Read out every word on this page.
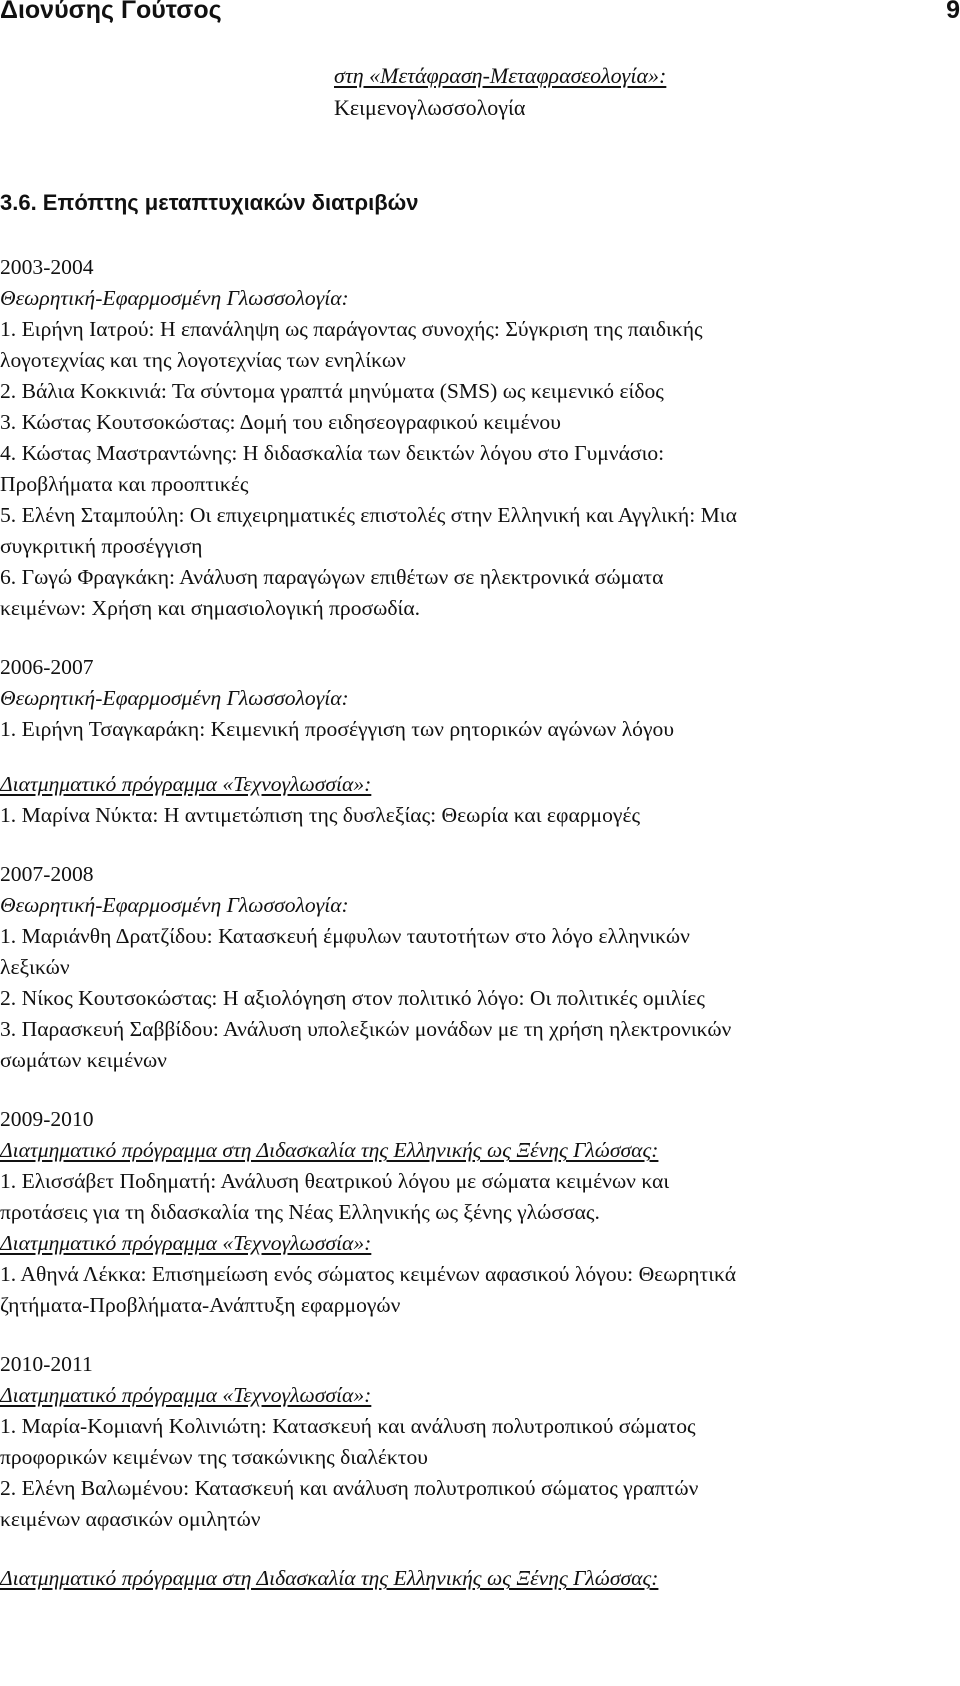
Διονύσης Γούτσος	9
στη «Μετάφραση-Μεταφρασεολογία»:
Κειμενογλωσσολογία
3.6. Επόπτης μεταπτυχιακών διατριβών
2003-2004
Θεωρητική-Εφαρμοσμένη Γλωσσολογία:
1. Ειρήνη Ιατρού: Η επανάληψη ως παράγοντας συνοχής: Σύγκριση της παιδικής
λογοτεχνίας και της λογοτεχνίας των ενηλίκων
2. Βάλια Κοκκινιά: Τα σύντομα γραπτά μηνύματα (SMS) ως κειμενικό είδος
3. Κώστας Κουτσοκώστας: Δομή του ειδησεογραφικού κειμένου
4. Κώστας Μαστραντώνης: Η διδασκαλία των δεικτών λόγου στο Γυμνάσιο:
Προβλήματα και προοπτικές
5. Ελένη Σταμπούλη: Οι επιχειρηματικές επιστολές στην Ελληνική και Αγγλική: Μια
συγκριτική προσέγγιση
6. Γωγώ Φραγκάκη: Ανάλυση παραγώγων επιθέτων σε ηλεκτρονικά σώματα
κειμένων: Χρήση και σημασιολογική προσωδία.
2006-2007
Θεωρητική-Εφαρμοσμένη Γλωσσολογία:
1. Ειρήνη Τσαγκαράκη: Κειμενική προσέγγιση των ρητορικών αγώνων λόγου
Διατμηματικό πρόγραμμα «Τεχνογλωσσία»:
1. Μαρίνα Νύκτα: Η αντιμετώπιση της δυσλεξίας: Θεωρία και εφαρμογές
2007-2008
Θεωρητική-Εφαρμοσμένη Γλωσσολογία:
1. Μαριάνθη Δρατζίδου: Κατασκευή έμφυλων ταυτοτήτων στο λόγο ελληνικών
λεξικών
2. Νίκος Κουτσοκώστας: Η αξιολόγηση στον πολιτικό λόγο: Οι πολιτικές ομιλίες
3. Παρασκευή Σαββίδου: Ανάλυση υπολεξικών μονάδων με τη χρήση ηλεκτρονικών
σωμάτων κειμένων
2009-2010
Διατμηματικό πρόγραμμα στη Διδασκαλία της Ελληνικής ως Ξένης Γλώσσας:
1. Ελισσάβετ Ποδηματή: Ανάλυση θεατρικού λόγου με σώματα κειμένων και
προτάσεις για τη διδασκαλία της Νέας Ελληνικής ως ξένης γλώσσας.
Διατμηματικό πρόγραμμα «Τεχνογλωσσία»:
1. Αθηνά Λέκκα: Επισημείωση ενός σώματος κειμένων αφασικού λόγου: Θεωρητικά
ζητήματα-Προβλήματα-Ανάπτυξη εφαρμογών
2010-2011
Διατμηματικό πρόγραμμα «Τεχνογλωσσία»:
1. Μαρία-Κομιανή Κολινιώτη: Κατασκευή και ανάλυση πολυτροπικού σώματος
προφορικών κειμένων της τσακώνικης διαλέκτου
2. Ελένη Βαλωμένου: Κατασκευή και ανάλυση πολυτροπικού σώματος γραπτών
κειμένων αφασικών ομιλητών
Διατμηματικό πρόγραμμα στη Διδασκαλία της Ελληνικής ως Ξένης Γλώσσας:
